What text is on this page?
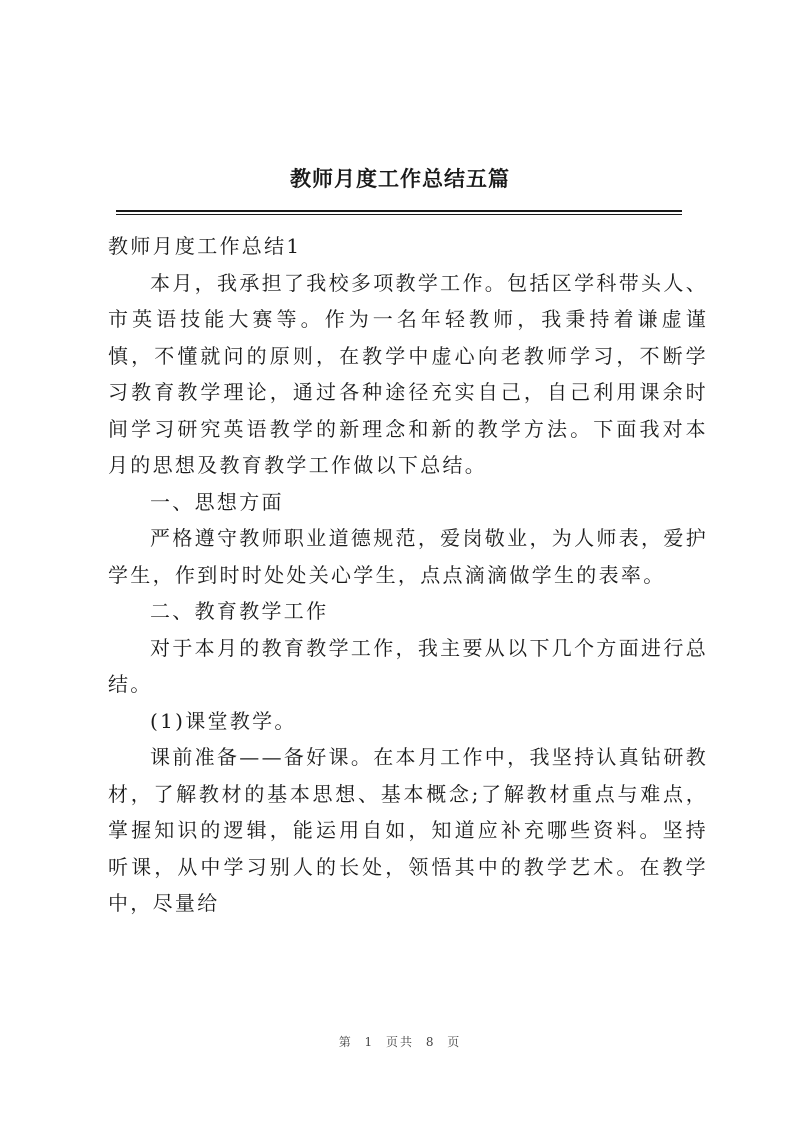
教师月度工作总结五篇

教师月度工作总结1

本月，我承担了我校多项教学工作。包括区学科带头人、市英语技能大赛等。作为一名年轻教师，我秉持着谦虚谨慎，不懂就问的原则，在教学中虚心向老教师学习，不断学习教育教学理论，通过各种途径充实自己，自己利用课余时间学习研究英语教学的新理念和新的教学方法。下面我对本月的思想及教育教学工作做以下总结。

一、思想方面

严格遵守教师职业道德规范，爱岗敬业，为人师表，爱护学生，作到时时处处关心学生，点点滴滴做学生的表率。

二、教育教学工作

对于本月的教育教学工作，我主要从以下几个方面进行总结。

(1)课堂教学。

课前准备——备好课。在本月工作中，我坚持认真钻研教材，了解教材的基本思想、基本概念;了解教材重点与难点，掌握知识的逻辑，能运用自如，知道应补充哪些资料。坚持听课，从中学习别人的长处，领悟其中的教学艺术。在教学中，尽量给

第 1 页共 8 页
